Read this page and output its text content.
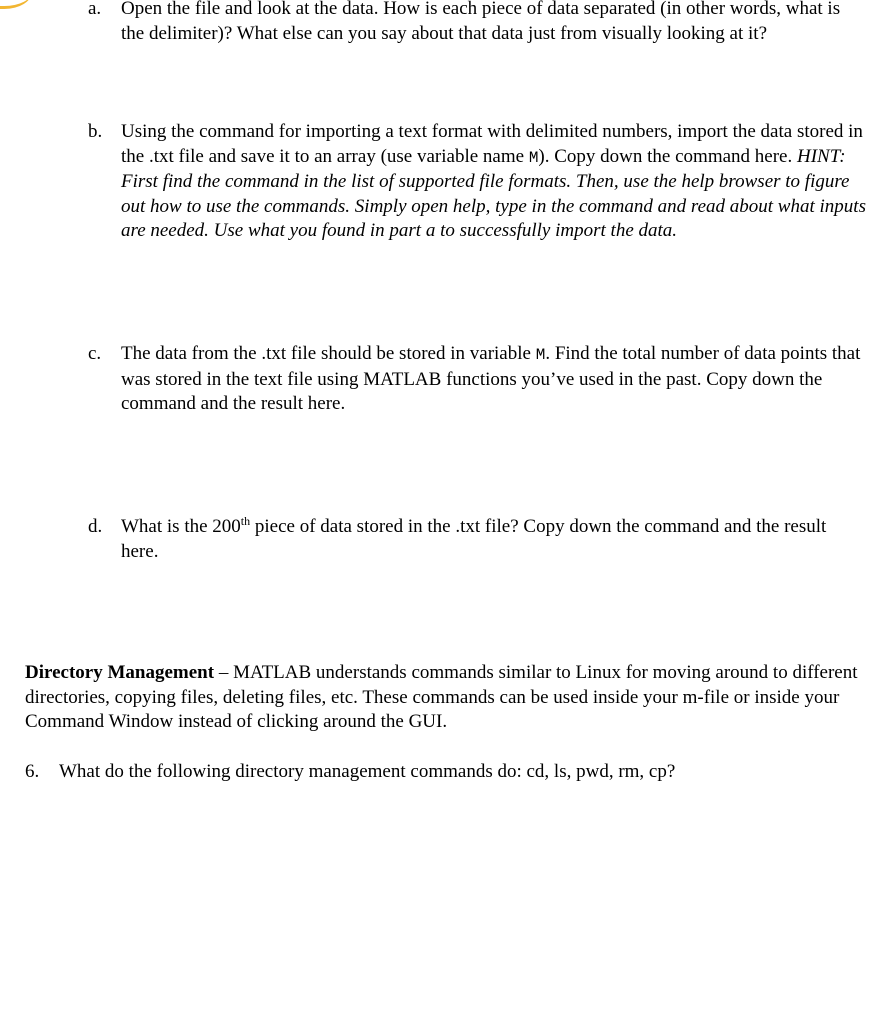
a. Open the file and look at the data. How is each piece of data separated (in other words, what is the delimiter)? What else can you say about that data just from visually looking at it?
b. Using the command for importing a text format with delimited numbers, import the data stored in the .txt file and save it to an array (use variable name M). Copy down the command here. HINT: First find the command in the list of supported file formats. Then, use the help browser to figure out how to use the commands. Simply open help, type in the command and read about what inputs are needed. Use what you found in part a to successfully import the data.
c. The data from the .txt file should be stored in variable M. Find the total number of data points that was stored in the text file using MATLAB functions you’ve used in the past. Copy down the command and the result here.
d. What is the 200th piece of data stored in the .txt file? Copy down the command and the result here.
Directory Management – MATLAB understands commands similar to Linux for moving around to different directories, copying files, deleting files, etc. These commands can be used inside your m-file or inside your Command Window instead of clicking around the GUI.
6. What do the following directory management commands do: cd, ls, pwd, rm, cp?
